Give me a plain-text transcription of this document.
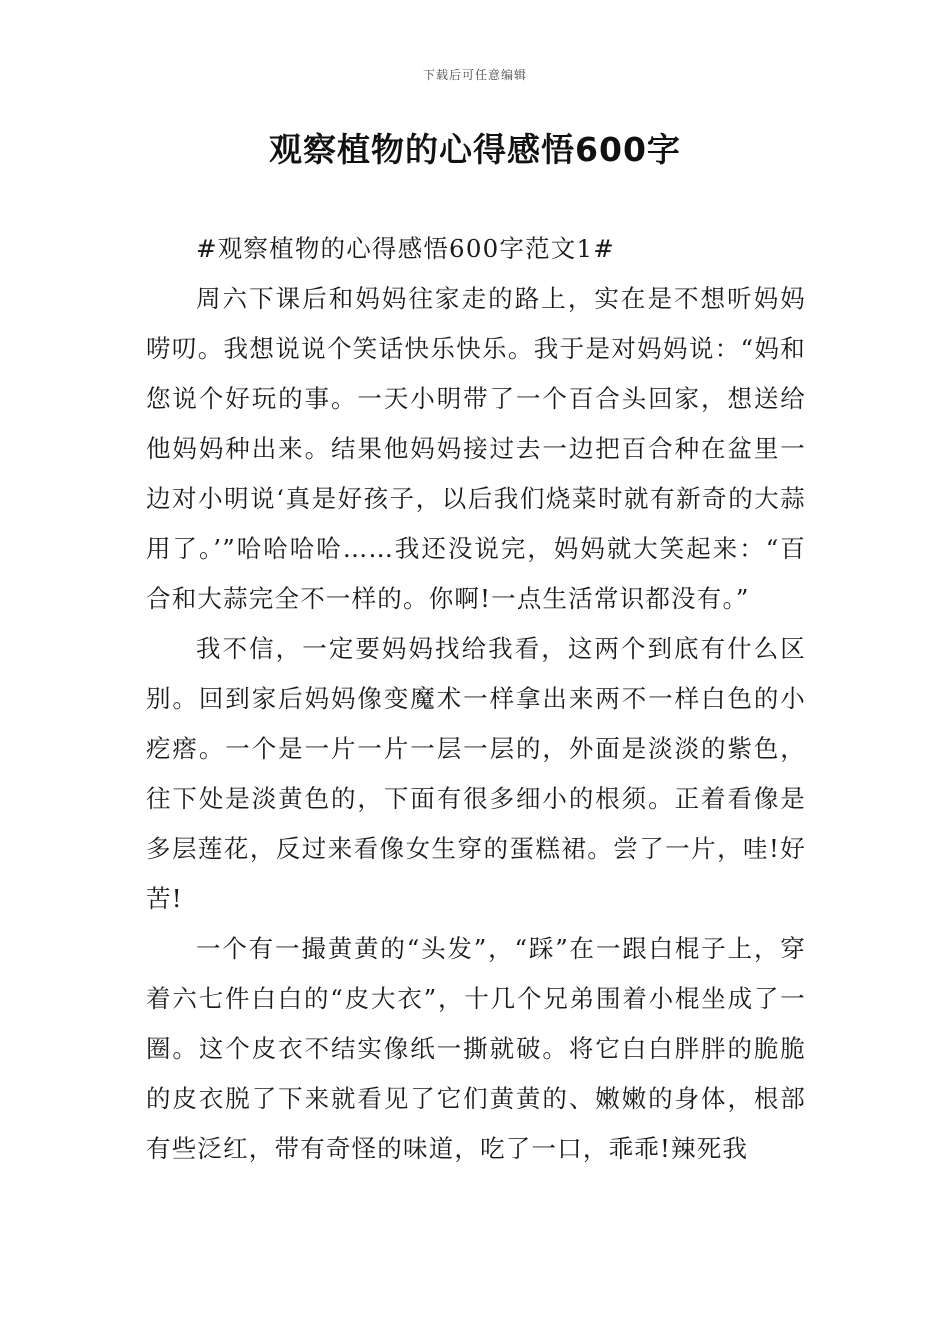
下载后可任意编辑
观察植物的心得感悟600字

#观察植物的心得感悟600字范文1#

周六下课后和妈妈往家走的路上，实在是不想听妈妈唠叨。我想说说个笑话快乐快乐。我于是对妈妈说：“妈和您说个好玩的事。一天小明带了一个百合头回家，想送给他妈妈种出来。结果他妈妈接过去一边把百合种在盆里一边对小明说‘真是好孩子，以后我们烧菜时就有新奇的大蒜用了。’”哈哈哈哈……我还没说完，妈妈就大笑起来：“百合和大蒜完全不一样的。你啊!一点生活常识都没有。”

我不信，一定要妈妈找给我看，这两个到底有什么区别。回到家后妈妈像变魔术一样拿出来两不一样白色的小疙瘩。一个是一片一片一层一层的，外面是淡淡的紫色，往下处是淡黄色的，下面有很多细小的根须。正着看像是多层莲花，反过来看像女生穿的蛋糕裙。尝了一片，哇!好苦!

一个有一撮黄黄的“头发”，“踩”在一跟白棍子上，穿着六七件白白的“皮大衣”，十几个兄弟围着小棍坐成了一圈。这个皮衣不结实像纸一撕就破。将它白白胖胖的脆脆的皮衣脱了下来就看见了它们黄黄的、嫩嫩的身体，根部有些泛红，带有奇怪的味道，吃了一口，乖乖!辣死我
